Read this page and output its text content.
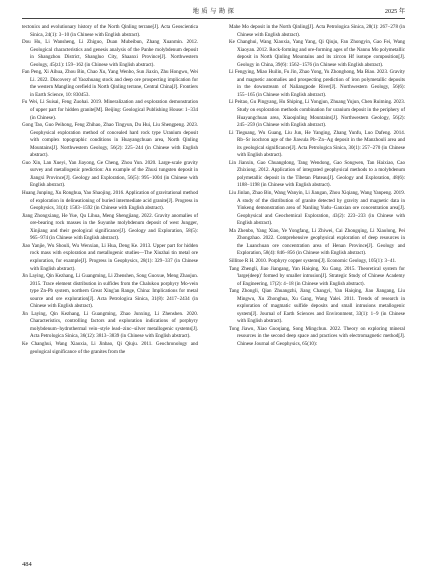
地 质 与 勘 探	2025 年

tectonics and evolutionary history of the North Qinling terrane[J]. Acta Geoscientica Sinica, 24(1): 3−10 (in Chinese with English abstract).

Dou Hu, Li Wansheng, Li Zhiguo, Duan Mubeibun, Zhang Xuanmin. 2012. Geological characteristics and genesis analysis of the Panhe molybdenum deposit in Shangzhou District, Shangluo City, Shaanxi Province[J]. Northwestern Geology, 45(z1): 159−162 (in Chinese with English abstract).

Fan Peng, Xi Aihua, Zhou Bin, Chao Xu, Yang Wenbo, Sun Jiaxin, Zhu Hongwu, Wei Li. 2022. Discovery of Yaozhuang stock and deep ore prospecting implication for the western Mangling orefield in North Qinling terrane, Central China[J]. Frontiers in Earth Science, 10: 830453.

Fu Wei, Li Suisai, Feng Zuohai. 2019. Mineralization and exploration demonstration of upper part for hidden granite[M]. Beijing: Geological Publishing House: 1−334 (in Chinese).

Gong Tao, Guo Peihong, Feng Zhihao, Zhao Tingyun, Du Hui, Liu Shengpeng. 2023. Geophysical exploration method of concealed hard rock type Uranium deposit with complex topographic conditions in Huayangchuan area, North Qinling Mountains[J]. Northwestern Geology, 56(2): 225−244 (in Chinese with English abstract).

Guo Xin, Lan Xueyi, Yan Jiayong, Ge Cheng, Zhou Yun. 2020. Large-scale gravity survey and metallogenic prediction: An example of the Zhuxi tungsten deposit in Jiangxi Province[J]. Geology and Exploration, 56(5): 995−1004 (in Chinese with English abstract).

Huang Junping, Xu Ronghua, Yao Shaojing. 2016. Application of gravitational method of exploration in delineationing of buried intermediate acid granite[J]. Progress in Geophysics, 31(4): 1583−1592 (in Chinese with English abstract).

Jiang Zhongxiang, He Yue, Qu Lihua, Meng Shengjiang. 2022. Gravity anomalies of ore-bearing rock masses in the Suyunhe molybdenum deposit of west Jungger, Xinjiang and their geological significance[J]. Geology and Exploration, 58(5): 965−974 (in Chinese with English abstract).

Jiao Yanjie, Wu Shouli, Wu Wenxian, Li Hua, Deng Ke. 2013. Upper part for hidden rock mass with exploration and metallogenic studies—The Xiuzhai tin metal ore exploration, for example[J]. Progress in Geophysics, 28(1): 329−337 (in Chinese with English abstract).

Jin Laying, Qin Kezhang, Li Guangming, Li Zhenshen, Song Guoxue, Meng Zhaojun. 2015. Trace element distribution in sulfides from the Chalukou porphyry Mo-vein type Zn-Pb system, northern Great Xing'an Range, China: Implications for metal source and ore exploration[J]. Acta Petrologica Sinica, 31(8): 2417−2434 (in Chinese with English abstract).

Jin Laying, Qin Kezhang, Li Guangming, Zhao Junxing, Li Zhenshen. 2020. Characteristics, controlling factors and exploration indications of porphyry molybdenum−hydrothermal vein−style lead−zinc−silver metallogenic systems[J]. Acta Petrologica Sinica, 36(12): 3813−3839 (in Chinese with English abstract).

Ke Changhui, Wang Xiaoxia, Li Jinbao, Qi Qiuju. 2011. Geochronology and geological significance of the granites from the

Mahe Mo deposit in the North Qinling[J]. Acta Petrologica Sinica, 28(1): 267−278 (in Chinese with English abstract).

Ke Changhui, Wang Xiaoxia, Yang Yang, Qi Qiuju, Fan Zhongyin, Gao Fei, Wang Xiaoyan. 2012. Rock-forming and ore-forming ages of the Nannu Mo polymetallic deposit in North Qinling Mountains and its zircon Hf isotope composition[J]. Geology in China, 39(6): 1562−1576 (in Chinese with English abstract).

Li Fengying, Miao Huilin, Fu Jin, Zhao Yong, Yu Zhonghong, Ma Biao. 2023. Gravity and magnetic anomalies and prospecting prediction of iron polymetallic deposits in the downstream of Naliangpode River[J]. Northwestern Geology, 56(6): 155−165 (in Chinese with English abstract).

Li Peitao, Gu Pingyang, Hu Shiping, Li Yongjun, Zhuang Yujun, Chen Ruiming. 2023. Study on exploration methods combination for uranium deposit in the periphery of Huayangchuan area, Xiaoqinling Mountains[J]. Northwestern Geology, 56(2): 245−259 (in Chinese with English abstract).

Li Tieguang, Wu Guang, Liu Jun, He Yanging, Zhang Yunfu, Luo Dafeng. 2014. Rb−Sr isochron age of the Jiawula Pb−Zn−Ag deposit in the Manzhouli area and its geological significance[J]. Acta Petrologica Sinica, 30(1): 257−270 (in Chinese with English abstract).

Lin Jianxin, Gao Chuangdong, Tang Wendong, Gao Songwen, Tan Haixiao, Cao Zhixiong. 2012. Application of integrated geophysical methods to a molybdenum polymetallic deposit in the Tibetan Plateau[J]. Geology and Exploration, 48(6): 1188−1198 (in Chinese with English abstract).

Liu Jinlan, Zhao Bin, Wang Wanyin, Li Jiangan, Zhou Xiqiang, Wang Yanpeng. 2019. A study of the distribution of granite detected by gravity and magnetic data in Yinkeng demonstration area of Nanling Yudu−Ganxian ore concentration area[J]. Geophysical and Geochemical Exploration, 43(2): 223−233 (in Chinese with English abstract).

Ma Zhenbo, Yang Xiao, Ye Yongfang, Li Zhiwei, Cai Zhongqing, Li Xiaolong, Pei Zhongzhao. 2022. Comprehensive geophysical exploration of deep resources in the Luanchuan ore concentration area of Henan Province[J]. Geology and Exploration, 58(4): 846−856 (in Chinese with English abstract).

Sillitoe R H. 2010. Porphyry copper systems[J]. Economic Geology, 105(1): 3−41.

Tang Zhengli, Jiao Jiangang, Yan Haiqing, Xu Gang. 2015. Theoretical system for 'large(deep)' formed by smaller intrusion[J]. Strategic Study of Chinese Academy of Engineering, 17(2): 4−18 (in Chinese with English abstract).

Tang Zhongli, Qian Zhuangzhi, Jiang Changyi, Yan Haiqing, Jiao Jiangang, Liu Mingwu, Xu Zhonghua, Xu Gang, Wang Yalei. 2011. Trends of research in exploration of magmatic sulfide deposits and small intrusions metallogenic system[J]. Journal of Earth Sciences and Environment, 33(1): 1−9 (in Chinese with English abstract).

Tong Jiawu, Xiao Guoqiang, Song Mingchun. 2022. Theory on exploring mineral resources in the second deep space and practices with electromagnetic method[J]. Chinese Journal of Geophysics, 65(10):

484
